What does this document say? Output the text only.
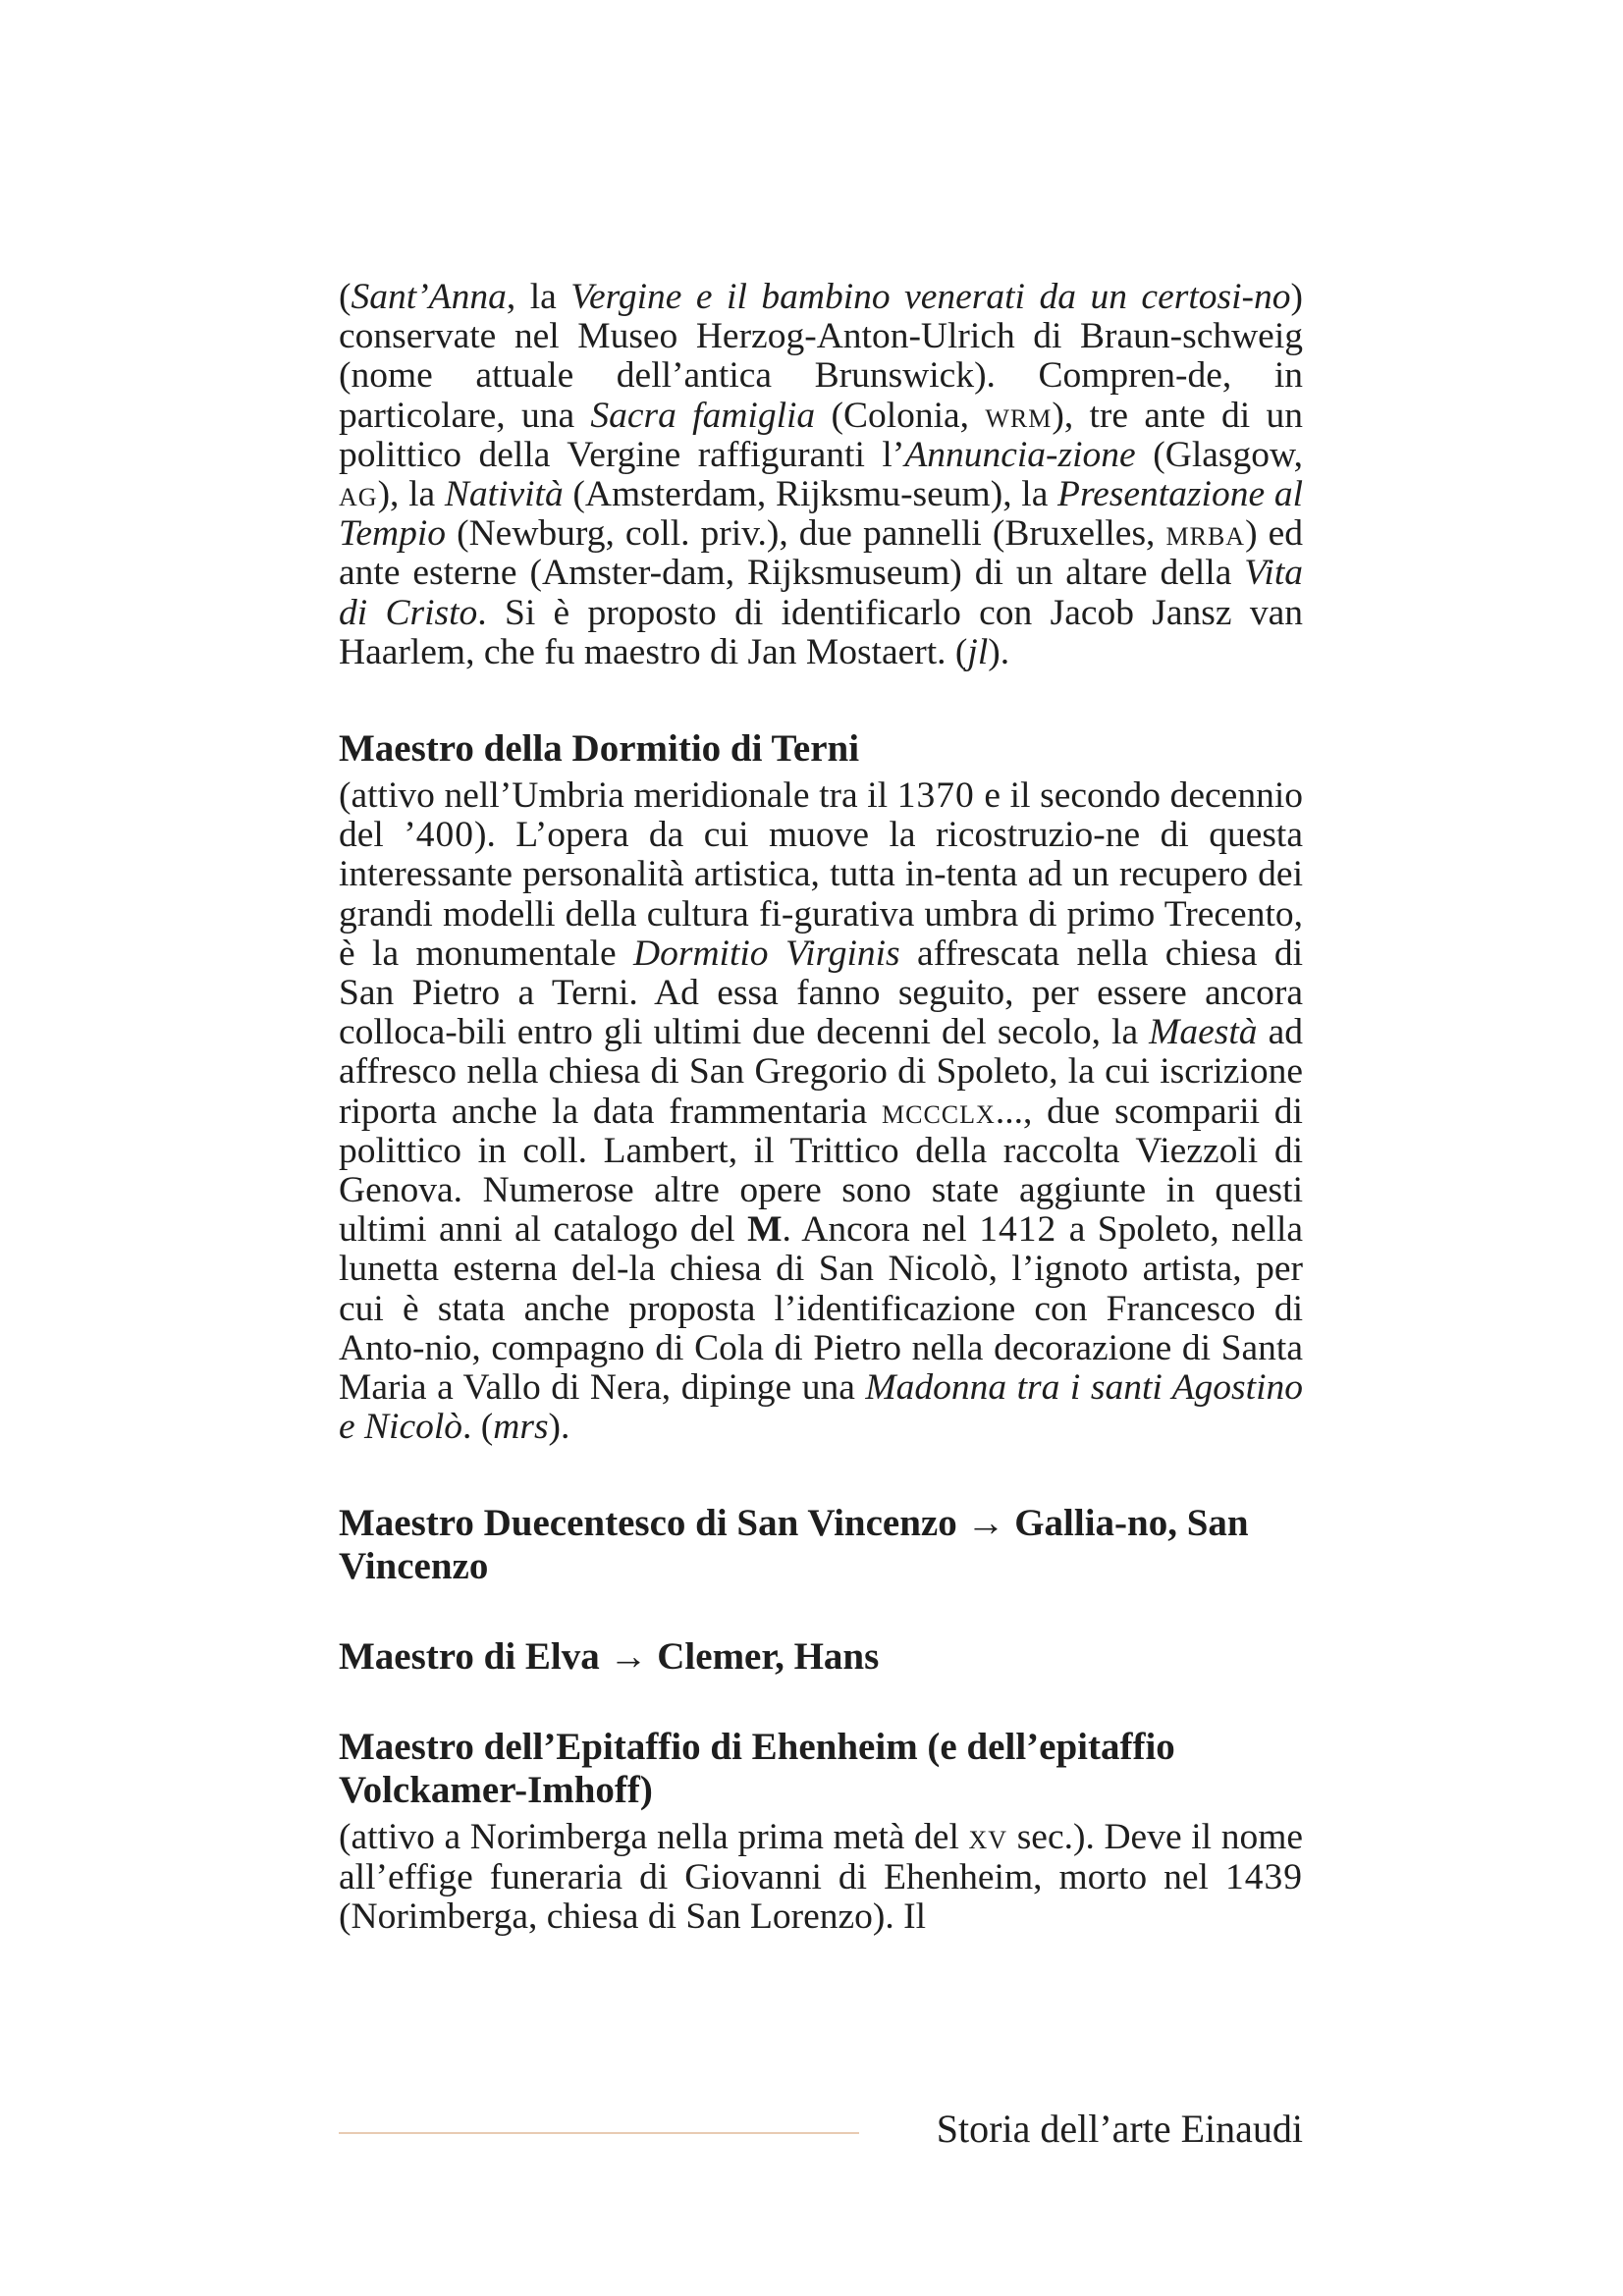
(Sant’Anna, la Vergine e il bambino venerati da un certosi-no) conservate nel Museo Herzog-Anton-Ulrich di Braun-schweig (nome attuale dell’antica Brunswick). Compren-de, in particolare, una Sacra famiglia (Colonia, wrm), tre ante di un polittico della Vergine raffiguranti l’Annuncia-zione (Glasgow, ag), la Natività (Amsterdam, Rijksmu-seum), la Presentazione al Tempio (Newburg, coll. priv.), due pannelli (Bruxelles, mrba) ed ante esterne (Amster-dam, Rijksmuseum) di un altare della Vita di Cristo. Si è proposto di identificarlo con Jacob Jansz van Haarlem, che fu maestro di Jan Mostaert. (jl).

Maestro della Dormitio di Terni

(attivo nell’Umbria meridionale tra il 1370 e il secondo decennio del ’400). L’opera da cui muove la ricostruzio-ne di questa interessante personalità artistica, tutta in-tenta ad un recupero dei grandi modelli della cultura fi-gurativa umbra di primo Trecento, è la monumentale Dormitio Virginis affrescata nella chiesa di San Pietro a Terni. Ad essa fanno seguito, per essere ancora colloca-bili entro gli ultimi due decenni del secolo, la Maestà ad affresco nella chiesa di San Gregorio di Spoleto, la cui iscrizione riporta anche la data frammentaria mccclx..., due scomparii di polittico in coll. Lambert, il Trittico della raccolta Viezzoli di Genova. Numerose altre opere sono state aggiunte in questi ultimi anni al catalogo del M. Ancora nel 1412 a Spoleto, nella lunetta esterna del-la chiesa di San Nicolò, l’ignoto artista, per cui è stata anche proposta l’identificazione con Francesco di Anto-nio, compagno di Cola di Pietro nella decorazione di Santa Maria a Vallo di Nera, dipinge una Madonna tra i santi Agostino e Nicolò. (mrs).

Maestro Duecentesco di San Vincenzo → Gallia-no, San Vincenzo
Maestro di Elva → Clemer, Hans
Maestro dell’Epitaffio di Ehenheim (e dell’epitaffio Volckamer-Imhoff)

(attivo a Norimberga nella prima metà del xv sec.). Deve il nome all’effige funeraria di Giovanni di Ehenheim, morto nel 1439 (Norimberga, chiesa di San Lorenzo). Il

Storia dell’arte Einaudi
